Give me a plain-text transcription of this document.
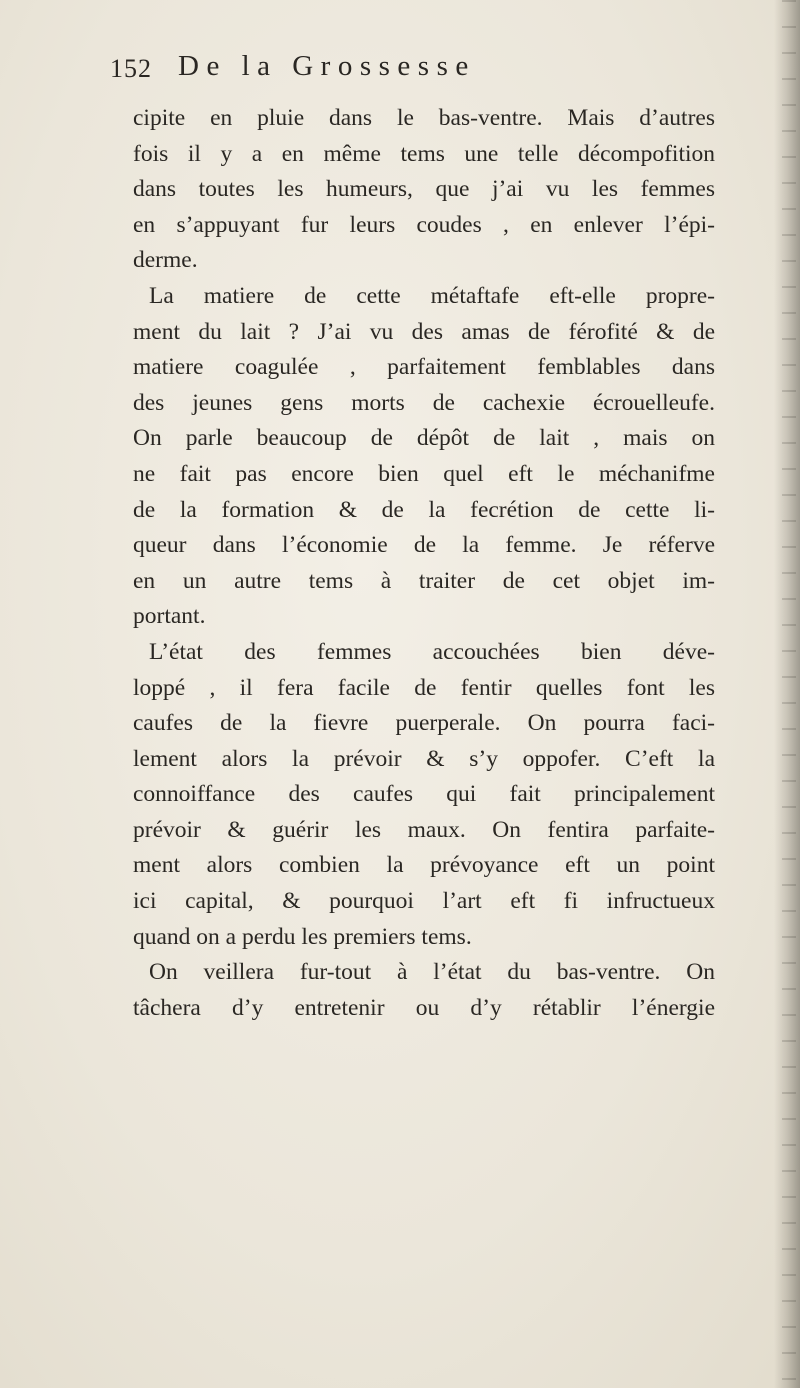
152 De la Grossesse
cipite en pluie dans le bas-ventre. Mais d’autres
fois il y a en même tems une telle décompofition
dans toutes les humeurs, que j’ai vu les femmes
en s’appuyant fur leurs coudes , en enlever l’épi-
derme.
La matiere de cette métaftafe eft-elle propre-
ment du lait ? J’ai vu des amas de férofité & de
matiere coagulée , parfaitement femblables dans
des jeunes gens morts de cachexie écrouelleufe.
On parle beaucoup de dépôt de lait , mais on
ne fait pas encore bien quel eft le méchanifme
de la formation & de la fecrétion de cette li-
queur dans l’économie de la femme. Je réferve
en un autre tems à traiter de cet objet im-
portant.
L’état des femmes accouchées bien déve-
loppé , il fera facile de fentir quelles font les
caufes de la fievre puerperale. On pourra faci-
lement alors la prévoir & s’y oppofer. C’eft la
connoiffance des caufes qui fait principalement
prévoir & guérir les maux. On fentira parfaite-
ment alors combien la prévoyance eft un point
ici capital, & pourquoi l’art eft fi infructueux
quand on a perdu les premiers tems.
On veillera fur-tout à l’état du bas-ventre. On
tâchera d’y entretenir ou d’y rétablir l’énergie
